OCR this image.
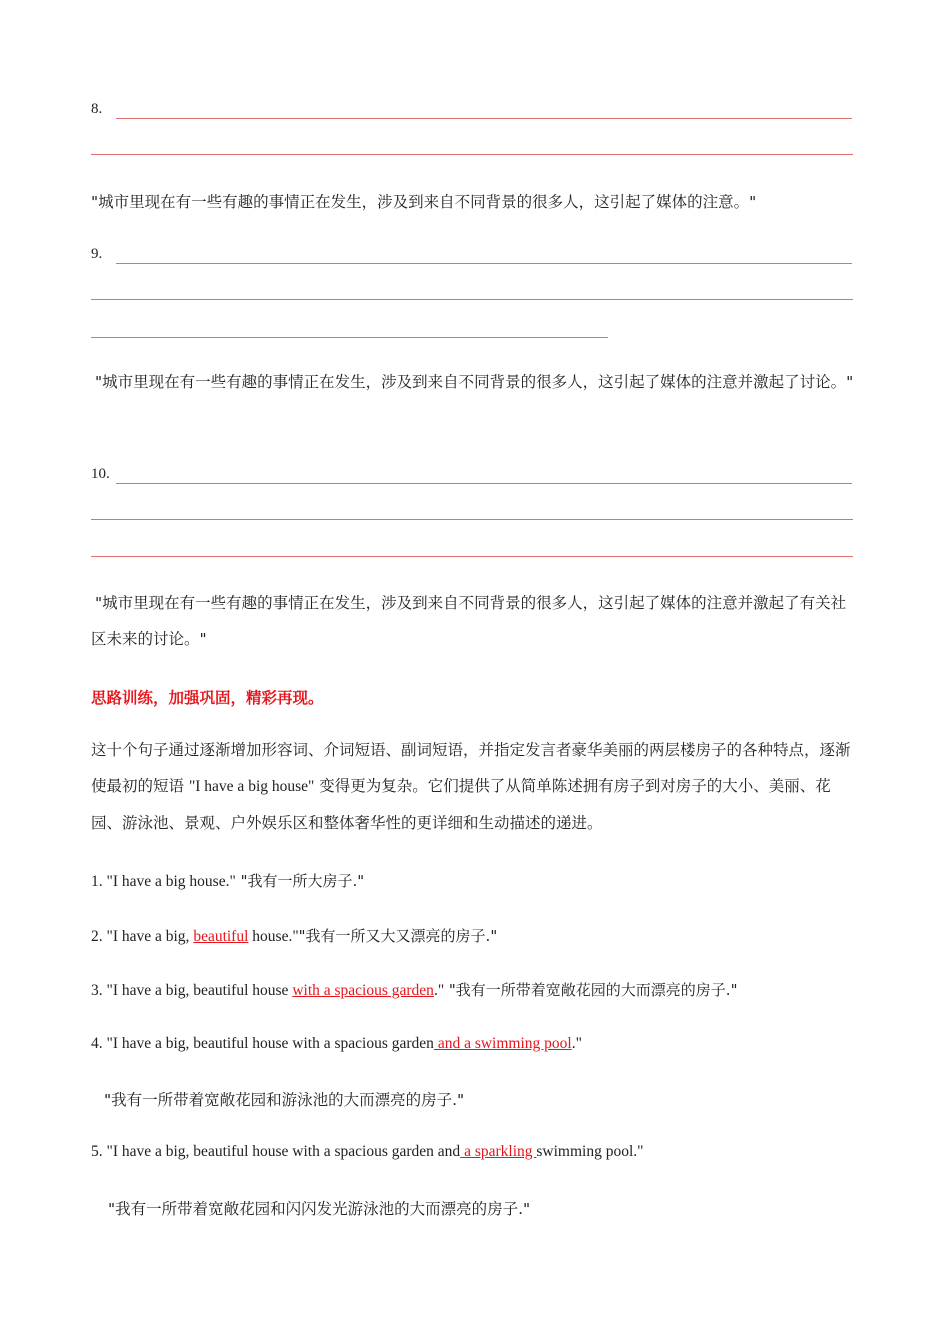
8.
"城市里现在有一些有趣的事情正在发生，涉及到来自不同背景的很多人，这引起了媒体的注意。"
9.
"城市里现在有一些有趣的事情正在发生，涉及到来自不同背景的很多人，这引起了媒体的注意并激起了讨论。"
10.
"城市里现在有一些有趣的事情正在发生，涉及到来自不同背景的很多人，这引起了媒体的注意并激起了有关社区未来的讨论。"
思路训练，加强巩固，精彩再现。
这十个句子通过逐渐增加形容词、介词短语、副词短语，并指定发言者豪华美丽的两层楼房子的各种特点，逐渐使最初的短语 "I have a big house" 变得更为复杂。它们提供了从简单陈述拥有房子到对房子的大小、美丽、花园、游泳池、景观、户外娱乐区和整体奢华性的更详细和生动描述的递进。
1. "I have a big house." "我有一所大房子."
2. "I have a big, beautiful house.""我有一所又大又漂亮的房子."
3. "I have a big, beautiful house with a spacious garden." "我有一所带着宽敞花园的大而漂亮的房子."
4. "I have a big, beautiful house with a spacious garden and a swimming pool."
"我有一所带着宽敞花园和游泳池的大而漂亮的房子."
5. "I have a big, beautiful house with a spacious garden and a sparkling swimming pool."
"我有一所带着宽敞花园和闪闪发光游泳池的大而漂亮的房子."
